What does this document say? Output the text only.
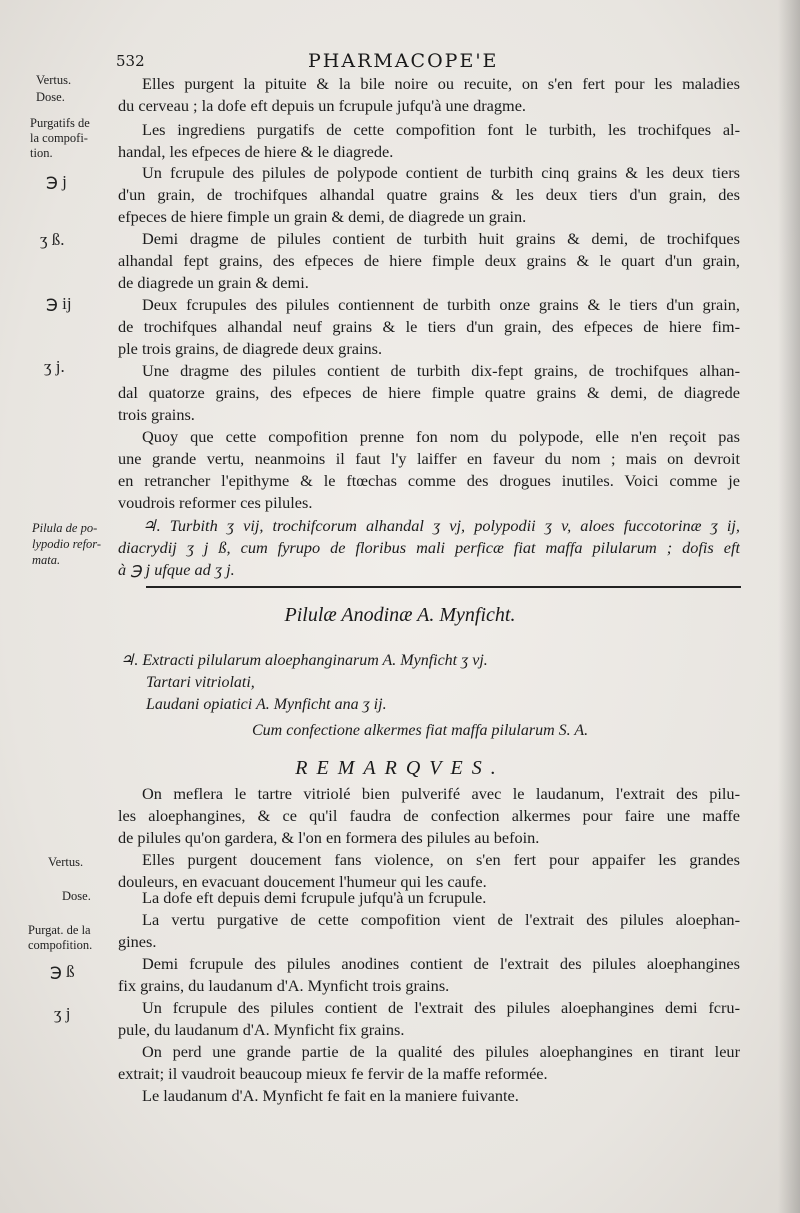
532	PHARMACOPE'E
Vertus.
Dose.
Purgatifs de
la compofi-
tion.
℈ j
ʒ ß.
℈ ij
ʒ j.
Pilula de po-
lypodio refor-
mata.
Vertus.
Dose.
Purgat. de la
compofition.
℈ ß
ʒ j
Elles purgent la pituite & la bile noire ou recuite, on s'en fert pour les maladies
du cerveau ; la dofe eft depuis un fcrupule jufqu'à une dragme.
Les ingrediens purgatifs de cette compofition font le turbith, les trochifques al-
handal, les efpeces de hiere & le diagrede.
Un fcrupule des pilules de polypode contient de turbith cinq grains & les deux tiers
d'un grain, de trochifques alhandal quatre grains & les deux tiers d'un grain, des
efpeces de hiere fimple un grain & demi, de diagrede un grain.
Demi dragme de pilules contient de turbith huit grains & demi, de trochifques
alhandal fept grains, des efpeces de hiere fimple deux grains & le quart d'un grain,
de diagrede un grain & demi.
Deux fcrupules des pilules contiennent de turbith onze grains & le tiers d'un grain,
de trochifques alhandal neuf grains & le tiers d'un grain, des efpeces de hiere fim-
ple trois grains, de diagrede deux grains.
Une dragme des pilules contient de turbith dix-fept grains, de trochifques alhan-
dal quatorze grains, des efpeces de hiere fimple quatre grains & demi, de diagrede
trois grains.
Quoy que cette compofition prenne fon nom du polypode, elle n'en reçoit pas
une grande vertu, neanmoins il faut l'y laiffer en faveur du nom ; mais on devroit
en retrancher l'epithyme & le ftœchas comme des drogues inutiles. Voici comme je
voudrois reformer ces pilules.
♃. Turbith ʒ vij, trochifcorum alhandal ʒ vj, polypodii ʒ v, aloes fuccotorinæ ʒ ij,
diacrydij ʒ j ß, cum fyrupo de floribus mali perficæ fiat maffa pilularum ; dofis eft
à ℈ j ufque ad ʒ j.
Pilulæ Anodinæ A. Mynficht.
♃. Extracti pilularum aloephanginarum A. Mynficht ʒ vj.
Tartari vitriolati,
Laudani opiatici A. Mynficht ana ʒ ij.
Cum confectione alkermes fiat maffa pilularum S. A.
REMARQVES.
On meflera le tartre vitriolé bien pulverifé avec le laudanum, l'extrait des pilu-
les aloephangines, & ce qu'il faudra de confection alkermes pour faire une maffe
de pilules qu'on gardera, & l'on en formera des pilules au befoin.
Elles purgent doucement fans violence, on s'en fert pour appaifer les grandes
douleurs, en evacuant doucement l'humeur qui les caufe.
La dofe eft depuis demi fcrupule jufqu'à un fcrupule.
La vertu purgative de cette compofition vient de l'extrait des pilules aloephan-
gines.
Demi fcrupule des pilules anodines contient de l'extrait des pilules aloephangines
fix grains, du laudanum d'A. Mynficht trois grains.
Un fcrupule des pilules contient de l'extrait des pilules aloephangines demi fcru-
pule, du laudanum d'A. Mynficht fix grains.
On perd une grande partie de la qualité des pilules aloephangines en tirant leur
extrait; il vaudroit beaucoup mieux fe fervir de la maffe reformée.
Le laudanum d'A. Mynficht fe fait en la maniere fuivante.
